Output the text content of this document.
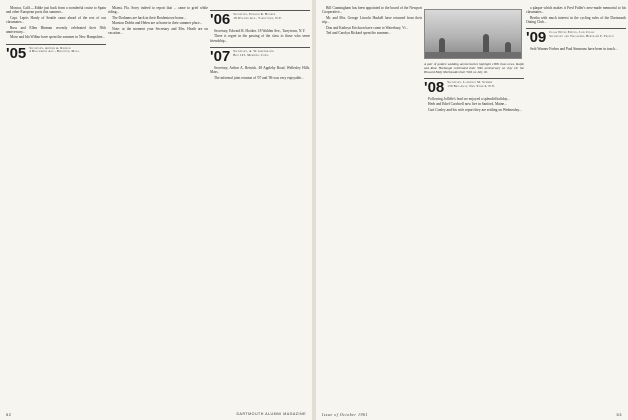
Monica, Calif.—Eddie just back from a wonderful cruise to Spain and other European ports this summer...

Capt. Leptis Hardy of Seattle came ahead of the rest of our classmates...

Russ and Ellen Hinman recently celebrated their 50th anniversary...

Mose and Ida Wilbur have spent the summer in New Hampshire...

'05 Secretary, Arthur A. Reinick
4 Brackmont Ave., Brighton, Mass.

Miami, Fla. Sorry indeed to report that ... came to grief while riding...

The Dorhams are back in their Bordentown home...

Marston Dobbs and Helen are at home in their summer place...

Note: at the moment your Secretary and Mrs. Heath are on vacation...

'06 Secretary, Edward R. Hooker
18 Walden Ave., Tarrytown, N.Y.

Secretary, Edward R. Hooker. 18 Walden Ave., Tarrytown, N.Y.

There is regret in the passing of the class to those who sense friendship...

'07 Secretary, A. W. Greenbaum
Box 125, Meriden, Conn.

Secretary, Arthur A. Reinick. 48 Appleby Road, Wellesley Hills, Mass.

The informal joint reunion of '07 and '06 was very enjoyable...

52	DARTMOUTH ALUMNI MAGAZINE

Bill Cunningham has been appointed to the board of the Newport Cooperative...

Mr. and Mrs. George Lincoln Haskell have returned from their trip...

Don and Kathryn Erickson have come to Waterbury, Vt...

Ted and Carolyn Rickard spent the summer...

A pair of golden wedding anniversaries highlight 1908 class news. Ralph and Rose Harbaugh celebrated their 50th anniversary on July 16; the Howard Eddy McDonalds their 50th on July 18.
'08 Secretary, Laurence M. Symmes
130 Broadway, New York 6, N.Y.

Following Jolliffe's lead we enjoyed a splendid holiday...

Herb and Ethel Cardwell now live in Sanford, Maine...

Curt Conley and his wife report they are settling on Wednesday...

a plaque which makes it Fred Fuller's new-made memorial to his classmates...

Bertha with much interest in the cycling rules of the Dartmouth Outing Club...

'09 Class Notes Editor, Jack Chase
Secretary and Treasurer, Bertrand F. French

Seth Wanner Forbes and Paul Simmons have been in touch...

Issue of October 1961	53
